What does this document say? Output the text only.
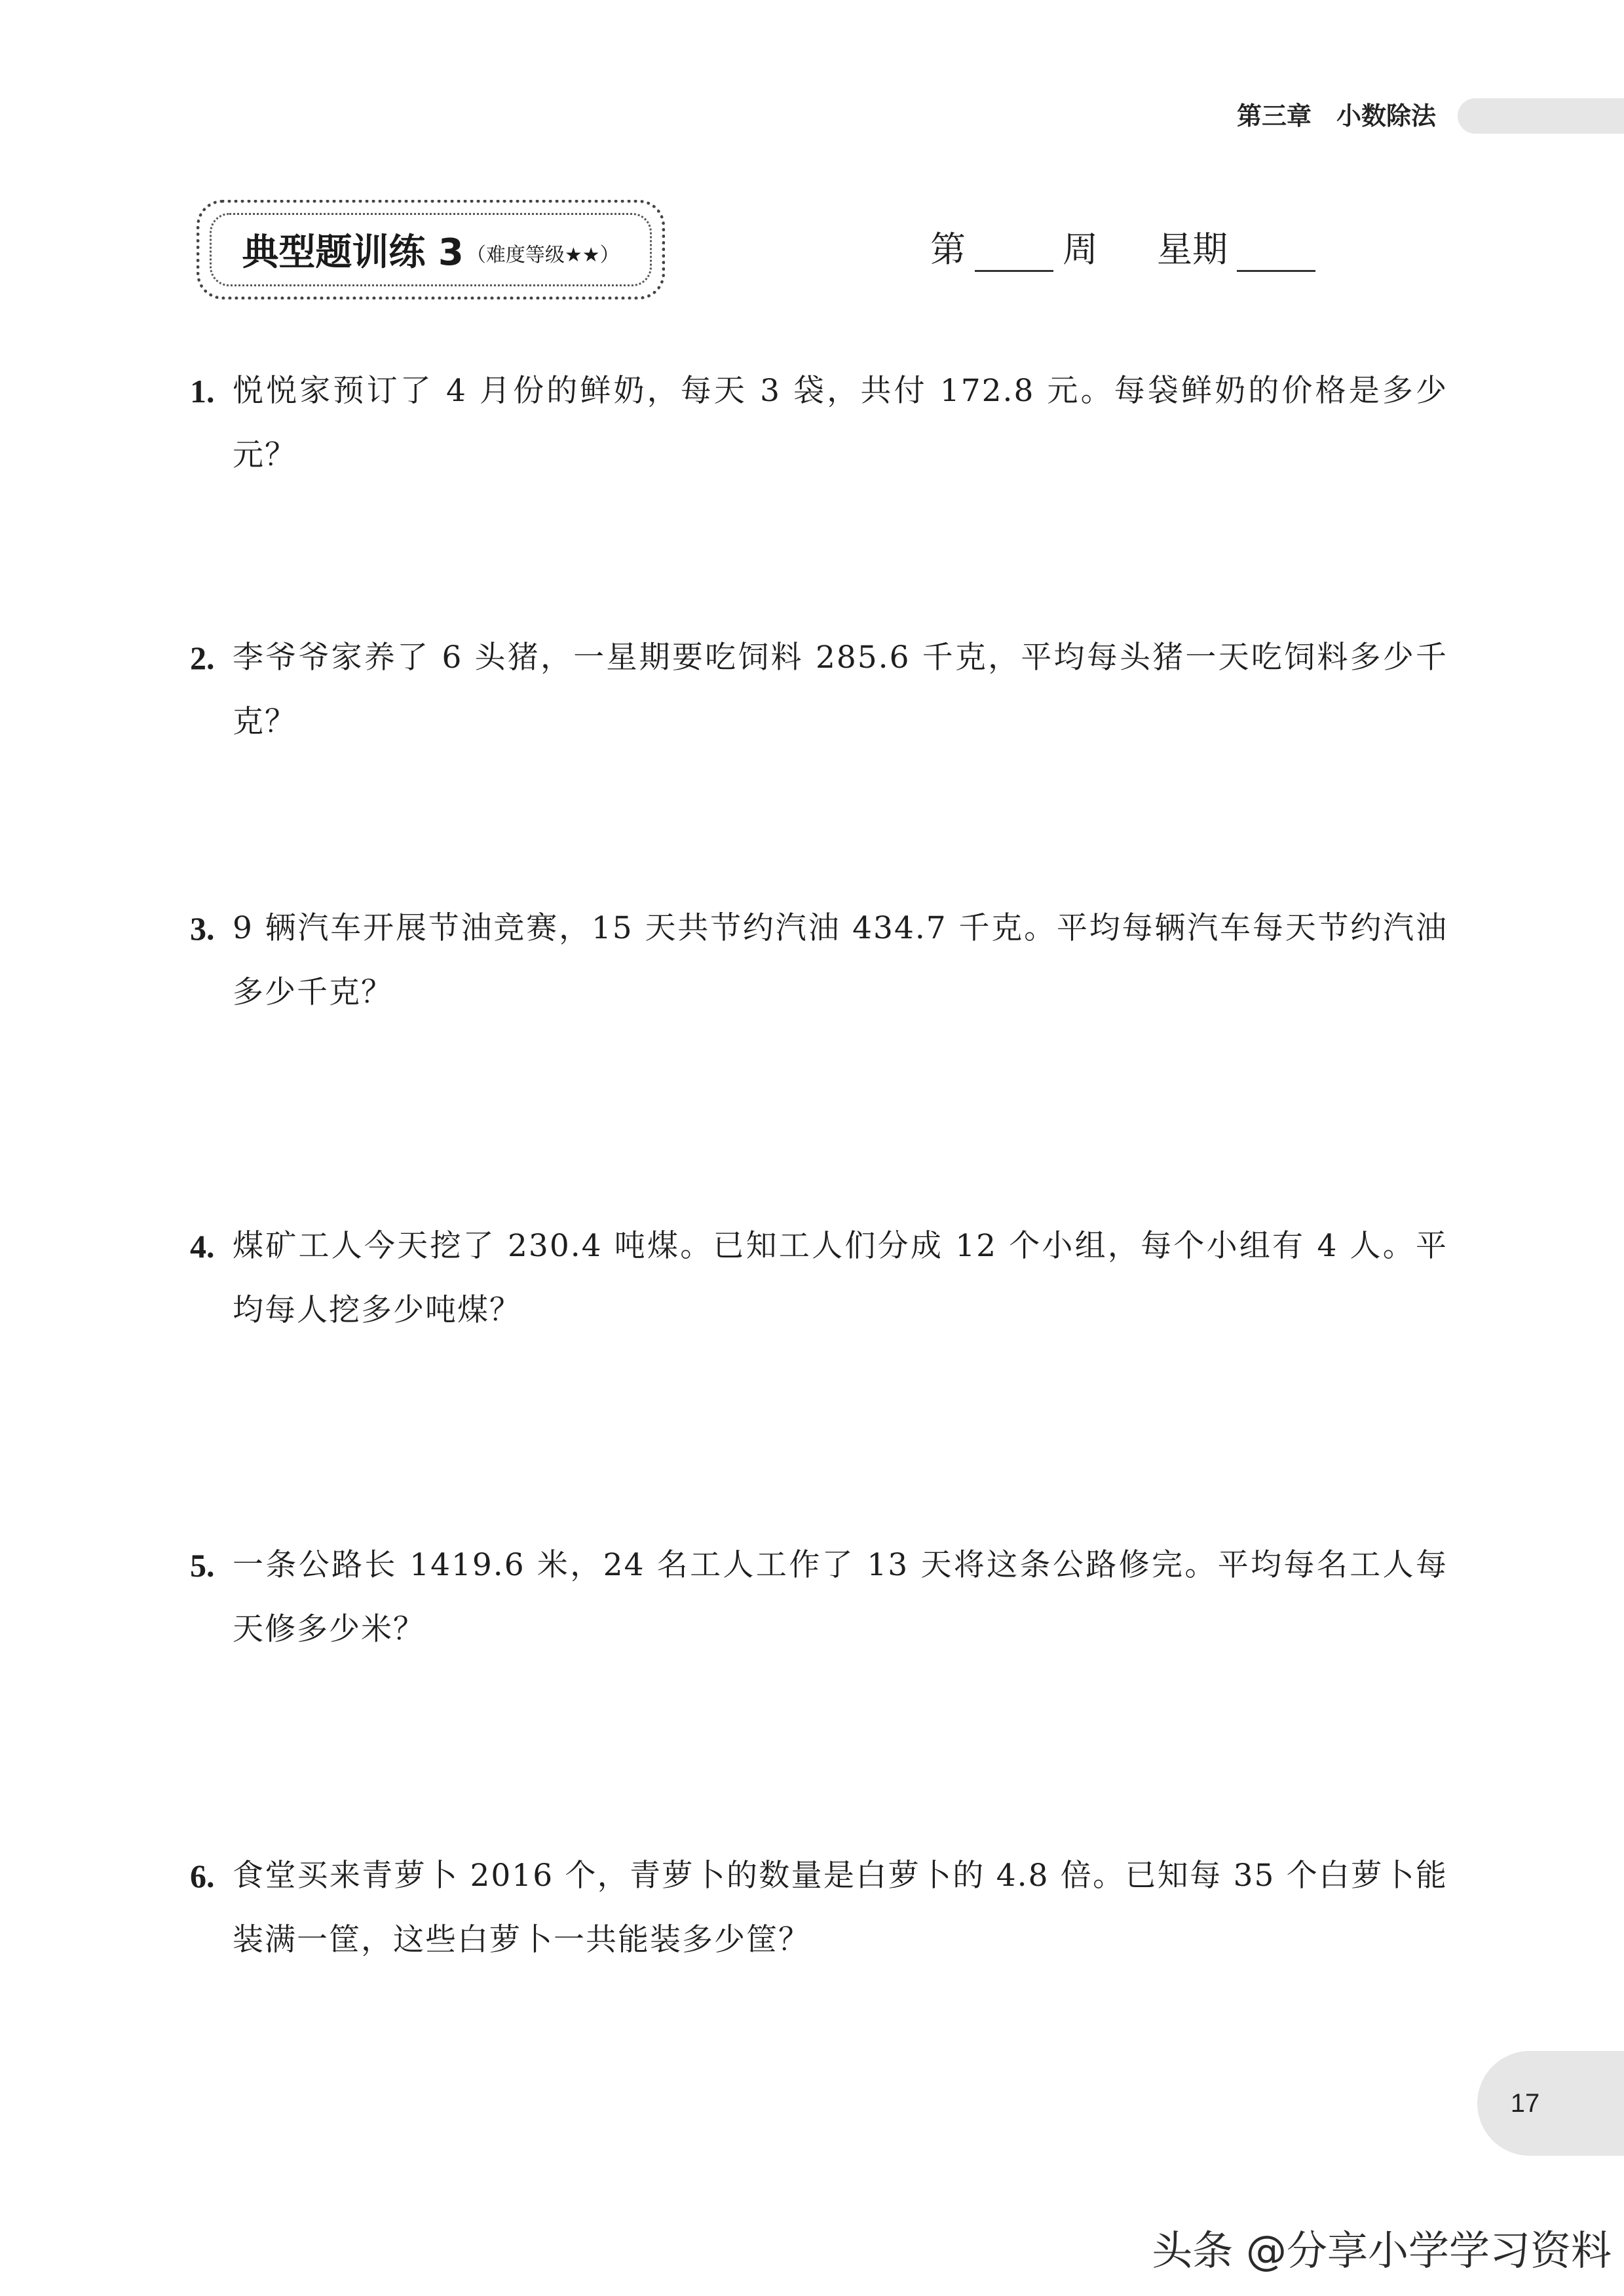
第三章　小数除法
典型题训练 3 （难度等级★★）	第	周 星期
1. 悦悦家预订了 4 月份的鲜奶，每天 3 袋，共付 172.8 元。每袋鲜奶的价格是多少元？
2. 李爷爷家养了 6 头猪，一星期要吃饲料 285.6 千克，平均每头猪一天吃饲料多少千克？
3. 9 辆汽车开展节油竞赛，15 天共节约汽油 434.7 千克。平均每辆汽车每天节约汽油多少千克？
4. 煤矿工人今天挖了 230.4 吨煤。已知工人们分成 12 个小组，每个小组有 4 人。平均每人挖多少吨煤？
5. 一条公路长 1419.6 米，24 名工人工作了 13 天将这条公路修完。平均每名工人每天修多少米？
6. 食堂买来青萝卜 2016 个，青萝卜的数量是白萝卜的 4.8 倍。已知每 35 个白萝卜能装满一筐，这些白萝卜一共能装多少筐？
17
头条 @分享小学学习资料
